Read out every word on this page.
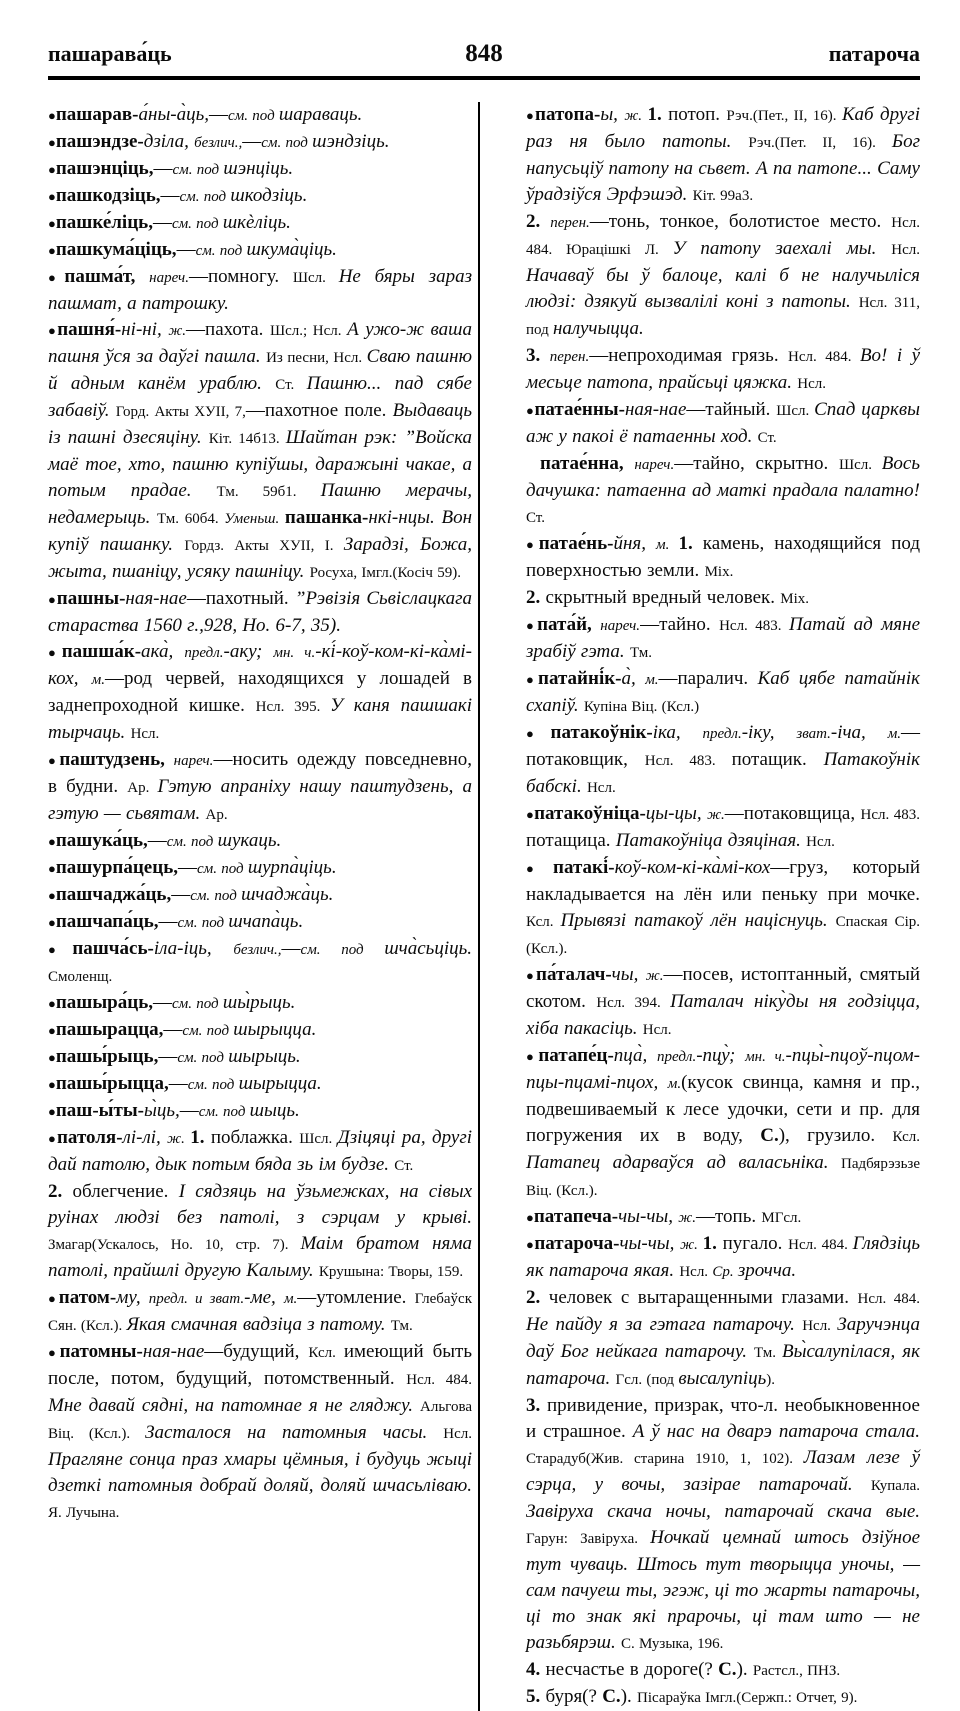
пашарава́ць	848	патароча

●пашарав-а́ны-а̀ць,—см. под шараваць.

●пашэндзе-дзіла, безлич.,—см. под шэндзіць.

●пашэнціць,—см. под шэнціць.

●пашкодзіць,—см. под шкодзіць.

●пашке́ліць,—см. под шкѐліць.

●пашкума́ціць,—см. под шкума̀ціць.

●пашма́т, нареч.—помногу. Шсл. Не бяры зараз пашмат, а патрошку.

●пашня́-ні-ні, ж.—пахота. Шсл.; Нсл. А ужо-ж ваша пашня ўся за даўгі пашла. Из песни, Нсл. Сваю пашню й адным канём ураблю. Ст. Пашню... пад сябе забавіў. Горд. Акты ХУІІ, 7,—пахотное поле. Выдаваць із пашні дзесяціну. Кіт. 14б13. Шайтан рэк: ”Войска маё тое, хто, пашню купіўшы, даражыні чакае, а потым прадае. Тм. 59б1. Пашню мерачы, недамерыць. Тм. 60б4. Уменьш. пашанка-нкі-нцы. Вон купіў пашанку. Гордз. Акты ХУІІ, І. Зарадзі, Божа, жыта, пшаніцу, усяку пашніцу. Росуха, Імгл.(Косіч 59).

●пашны-ная-нае—пахотный. ”Рэвізія Сьвіслацкага стараства 1560 г.,928, Но. 6-7, 35).

●пашша́к-ака̀, предл.-аку; мн. ч.-кі́-коў-ком-кі-ка̀мі-кох, м.—род червей, находящихся у лошадей в заднепроходной кишке. Нсл. 395. У каня пашшакі тырчаць. Нсл.

●паштудзень, нареч.—носить одежду повседневно, в будни. Ар. Гэтую апраніху нашу паштудзень, а гэтую — сьвятам. Ар.

●пашука́ць,—см. под шукаць.

●пашурпа́цець,—см. под шурпа̀ціць.

●пашчаджа́ць,—см. под шчаджа̀ць.

●пашчапа́ць,—см. под шчапа̀ць.

●пашча́сь-іла-іць, безлич.,—см. под шча̀сьціць. Смоленщ.

●пашыра́ць,—см. под шы̀рыць.

●пашырацца,—см. под шырыцца.

●пашы́рыць,—см. под шырыць.

●пашы́рыцца,—см. под шырыцца.

●паш-ы́ты-ы̀ць,—см. под шыць.

●патоля-лі-лі, ж. 1. поблажка. Шсл. Дзіцяці ра, другі дай патолю, дык потым бяда зь ім будзе. Ст.

2. облегчение. І сядзяць на ўзьмежках, на сівых руінах людзі без патолі, з сэрцам у крыві. Змагар(Ускалось, Но. 10, стр. 7). Маім братом няма патолі, прайшлі другую Калыму. Крушына: Творы, 159.

●патом-му, предл. и зват.-ме, м.—утомление. Глебаўск Сян. (Ксл.). Якая смачная вадзіца з патому. Тм.

●патомны-ная-нае—будущий, Ксл. имеющий быть после, потом, будущий, потомственный. Нсл. 484. Мне давай сядні, на патомнае я не гляджу. Альгова Віц. (Ксл.). Засталося на патомныя часы. Нсл. Прагляне сонца праз хмары цёмныя, і будуць жыці дзеткі патомныя добрай доляй, доляй шчасьліваю. Я. Лучына.

●патопа-ы, ж. 1. потоп. Рэч.(Пет., II, 16). Каб другі раз ня было патопы. Рэч.(Пет. II, 16). Бог напусьціў патопу на сьвет. А па патопе... Саму ўрадзіўся Эрфэшэд. Кіт. 99а3.

2. перен.—тонь, тонкое, болотистое место. Нсл. 484. Юрацішкі Л. У патопу заехалі мы. Нсл. Начаваў бы ў балоце, калі б не налучыліся людзі: дзякуй вызвалілі коні з патопы. Нсл. 311, под налучыцца.

3. перен.—непроходимая грязь. Нсл. 484. Во! і ў месьце патопа, прайсьці цяжка. Нсл.

●патае́нны-ная-нае—тайный. Шсл. Спад царквы аж у пакоі ё патаенны ход. Ст.

патае́нна, нареч.—тайно, скрытно. Шсл. Вось дачушка: патаенна ад маткі прадала палатно! Ст.

●патае́нь-йня, м. 1. камень, находящийся под поверхностью земли. Міх.

2. скрытный вредный человек. Міх.

●пата́й, нареч.—тайно. Нсл. 483. Патай ад мяне зрабіў гэта. Тм.

●патайні́к-а̀, м.—паралич. Каб цябе патайнік схапіў. Купіна Віц. (Ксл.)

●патакоўнік-іка, предл.-іку, зват.-іча, м.—потаковщик, Нсл. 483. потащик. Патакоўнік бабскі. Нсл.

●патакоўніца-цы-цы, ж.—потаковщица, Нсл. 483. потащица. Патакоўніца дзяціная. Нсл.

●патакі́-коў-ком-кі-ка̀мі-кох—груз, который накладывается на лён или пеньку при мочке. Ксл. Прывязі патакоў лён націснуць. Спаская Сір. (Ксл.).

●па́талач-чы, ж.—посев, истоптанный, смятый скотом. Нсл. 394. Паталач ніку̀ды ня годзіцца, хіба пакасіць. Нсл.

●патапе́ц-пца̀, предл.-пцу̀; мн. ч.-пцы̀-пцоў-пцом-пцы-пцамі-пцох, м.(кусок свинца, камня и пр., подвешиваемый к лесе удочки, сети и пр. для погружения их в воду, С.), грузило. Ксл. Патапец адарваўся ад валасьніка. Падбярэзьзе Віц. (Ксл.).

●патапеча-чы-чы, ж.—топь. МГсл.

●патароча-чы-чы, ж. 1. пугало. Нсл. 484. Глядзіць як патароча якая. Нсл. Ср. зрочча.

2. человек с вытаращенными глазами. Нсл. 484. Не пайду я за гэтага патарочу. Нсл. Заручэнца даў Бог нейкага патарочу. Тм. Вы̀салупілася, як патароча. Гсл. (под высалупіць).

3. привидение, призрак, что-л. необыкновенное и страшное. А ў нас на дварэ патароча стала. Старадуб(Жив. старина 1910, 1, 102). Лазам лезе ў сэрца, у вочы, зазірае патарочай. Купала. Завіруха скача ночы, патарочай скача вые. Гарун: Завіруха. Ночкай цемнай штось дзіўное тут чуваць. Штось тут творыцца уночы, — сам пачуеш ты, эгэж, ці то жарты патарочы, ці то знак які прарочы, ці там што — не разьбярэш. С. Музыка, 196.

4. несчастье в дороге(? С.). Растсл., ПНЗ.

5. буря(? С.). Пісараўка Імгл.(Сержп.: Отчет, 9).
